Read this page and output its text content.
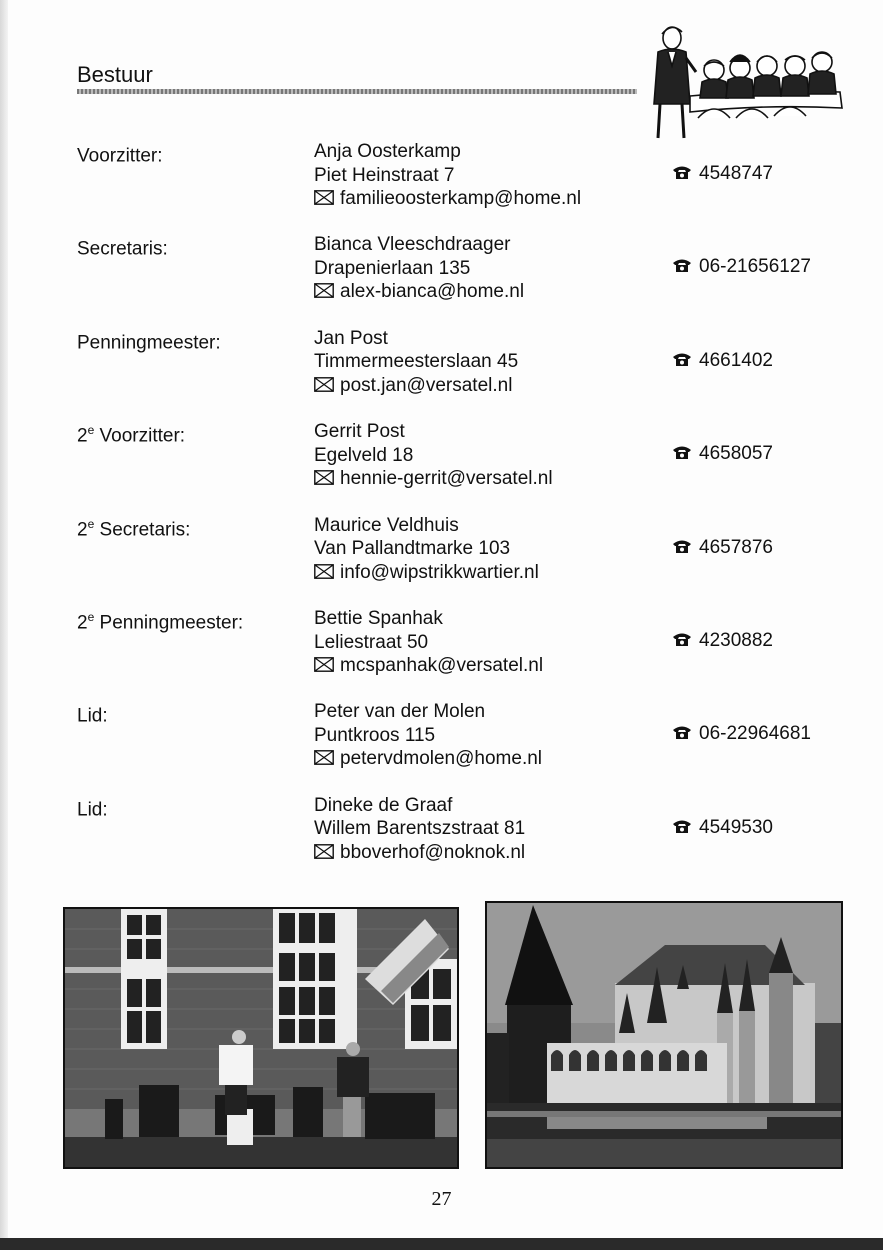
Bestuur
Voorzitter:	Anja Oosterkamp
Piet Heinstraat 7
familieoosterkamp@home.nl
4548747
Secretaris:	Bianca Vleeschdraager
Drapenierlaan 135
alex-bianca@home.nl
06-21656127
Penningmeester:	Jan Post
Timmermeesterslaan 45
post.jan@versatel.nl
4661402
2e Voorzitter:	Gerrit Post
Egelveld 18
hennie-gerrit@versatel.nl
4658057
2e Secretaris:	Maurice Veldhuis
Van Pallandtmarke 103
info@wipstrikkwartier.nl
4657876
2e Penningmeester:	Bettie Spanhak
Leliestraat 50
mcspanhak@versatel.nl
4230882
Lid:	Peter van der Molen
Puntkroos 115
petervdmolen@home.nl
06-22964681
Lid:	Dineke de Graaf
Willem Barentszstraat 81
bboverhof@noknok.nl
4549530
27
